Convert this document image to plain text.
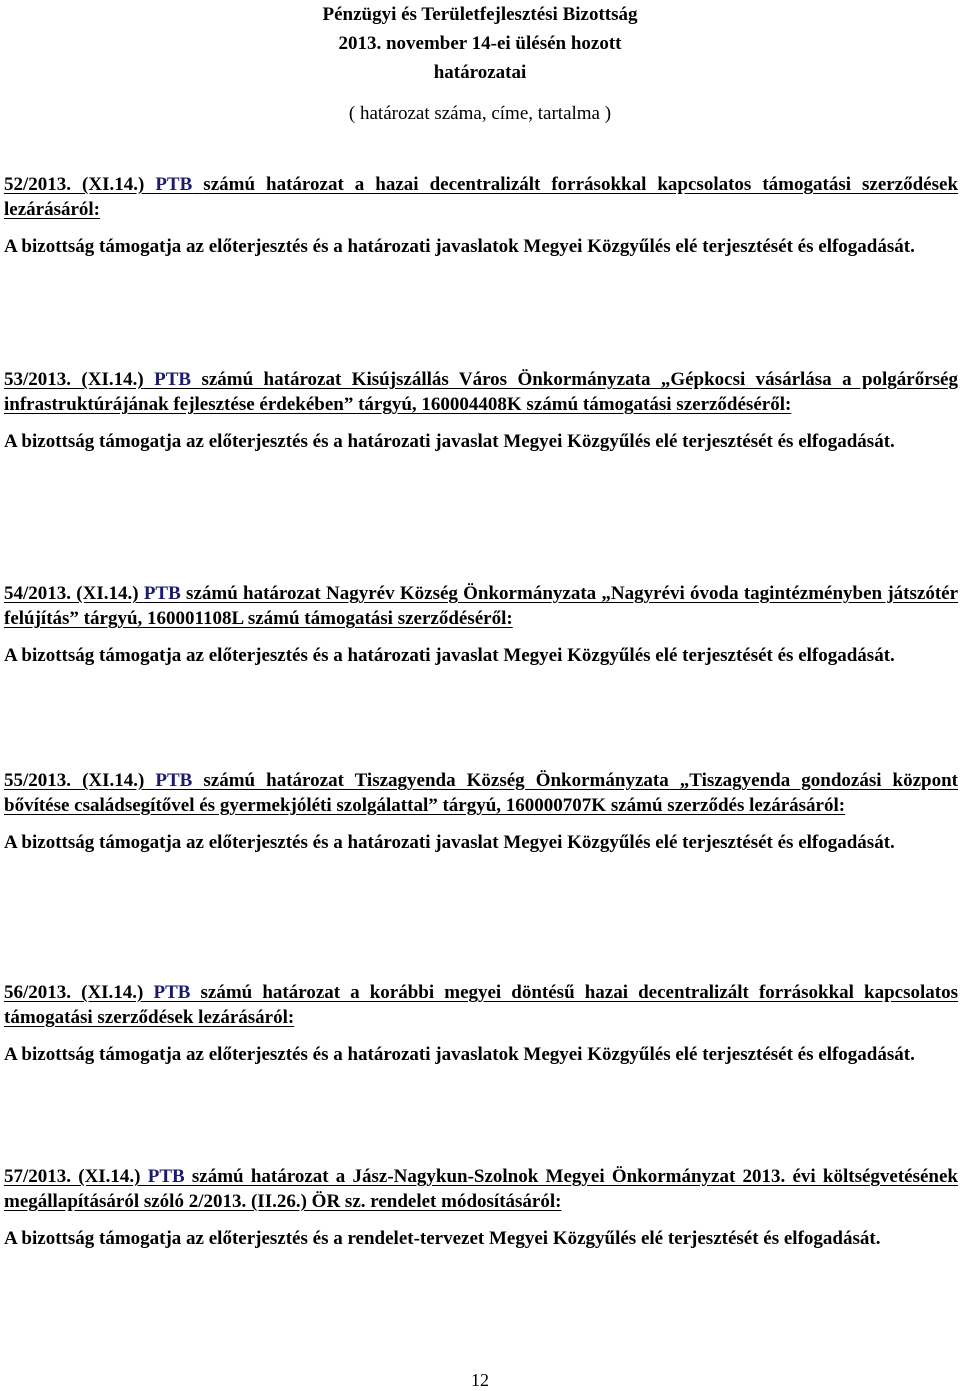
Pénzügyi és Területfejlesztési Bizottság
2013. november 14-ei ülésén hozott
határozatai
( határozat száma, címe, tartalma )
52/2013. (XI.14.) PTB számú határozat a hazai decentralizált forrásokkal kapcsolatos támogatási szerződések lezárásáról:
A bizottság támogatja az előterjesztés és a határozati javaslatok Megyei Közgyűlés elé terjesztését és elfogadását.
53/2013. (XI.14.) PTB számú határozat Kisújszállás Város Önkormányzata „Gépkocsi vásárlása a polgárőrség infrastruktúrájának fejlesztése érdekében” tárgyú, 160004408K számú támogatási szerződéséről:
A bizottság támogatja az előterjesztés és a határozati javaslat Megyei Közgyűlés elé terjesztését és elfogadását.
54/2013. (XI.14.) PTB számú határozat Nagyrév Község Önkormányzata „Nagyrévi óvoda tagintézményben játszótér felújítás” tárgyú, 160001108L számú támogatási szerződéséről:
A bizottság támogatja az előterjesztés és a határozati javaslat Megyei Közgyűlés elé terjesztését és elfogadását.
55/2013. (XI.14.) PTB számú határozat Tiszagyenda Község Önkormányzata „Tiszagyenda gondozási központ bővítése családsegítővel és gyermekjóléti szolgálattal” tárgyú, 160000707K számú szerződés lezárásáról:
A bizottság támogatja az előterjesztés és a határozati javaslat Megyei Közgyűlés elé terjesztését és elfogadását.
56/2013. (XI.14.) PTB számú határozat a korábbi megyei döntésű hazai decentralizált forrásokkal kapcsolatos támogatási szerződések lezárásáról:
A bizottság támogatja az előterjesztés és a határozati javaslatok Megyei Közgyűlés elé terjesztését és elfogadását.
57/2013. (XI.14.) PTB számú határozat a Jász-Nagykun-Szolnok Megyei Önkormányzat 2013. évi költségvetésének megállapításáról szóló 2/2013. (II.26.) ÖR sz. rendelet módosításáról:
A bizottság támogatja az előterjesztés és a rendelet-tervezet Megyei Közgyűlés elé terjesztését és elfogadását.
12
